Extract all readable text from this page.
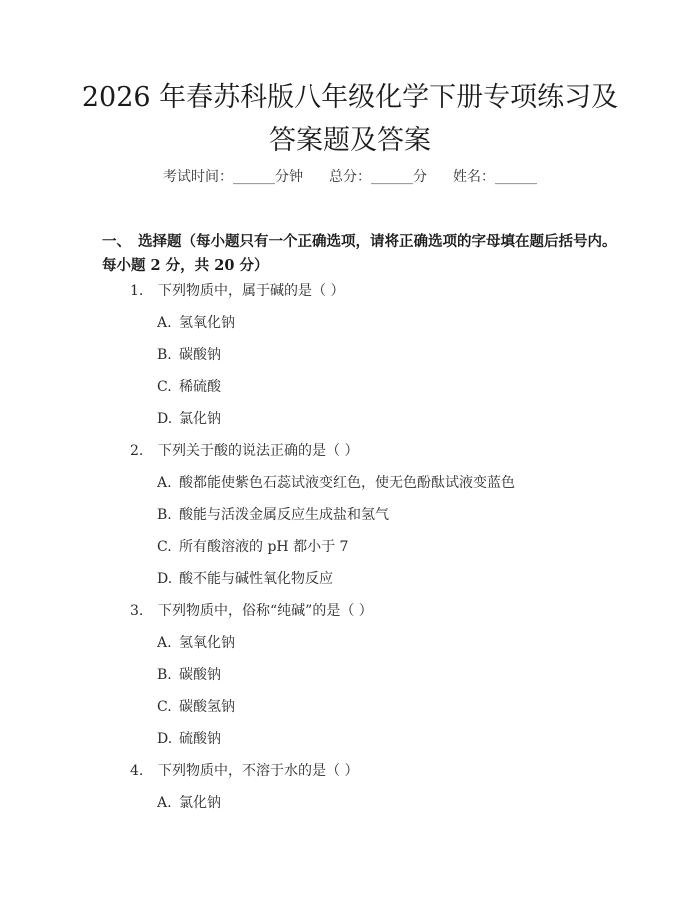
2026 年春苏科版八年级化学下册专项练习及
答案题及答案
考试时间：______分钟 总分：______分 姓名：______

一、 选择题（每小题只有一个正确选项，请将正确选项的字母填在题后括号内。每小题 2 分，共 20 分）

1. 下列物质中，属于碱的是（ ）
A. 氢氧化钠
B. 碳酸钠
C. 稀硫酸
D. 氯化钠
2. 下列关于酸的说法正确的是（ ）
A. 酸都能使紫色石蕊试液变红色，使无色酚酞试液变蓝色
B. 酸能与活泼金属反应生成盐和氢气
C. 所有酸溶液的 pH 都小于 7
D. 酸不能与碱性氧化物反应
3. 下列物质中，俗称“纯碱”的是（ ）
A. 氢氧化钠
B. 碳酸钠
C. 碳酸氢钠
D. 硫酸钠
4. 下列物质中，不溶于水的是（ ）
A. 氯化钠
